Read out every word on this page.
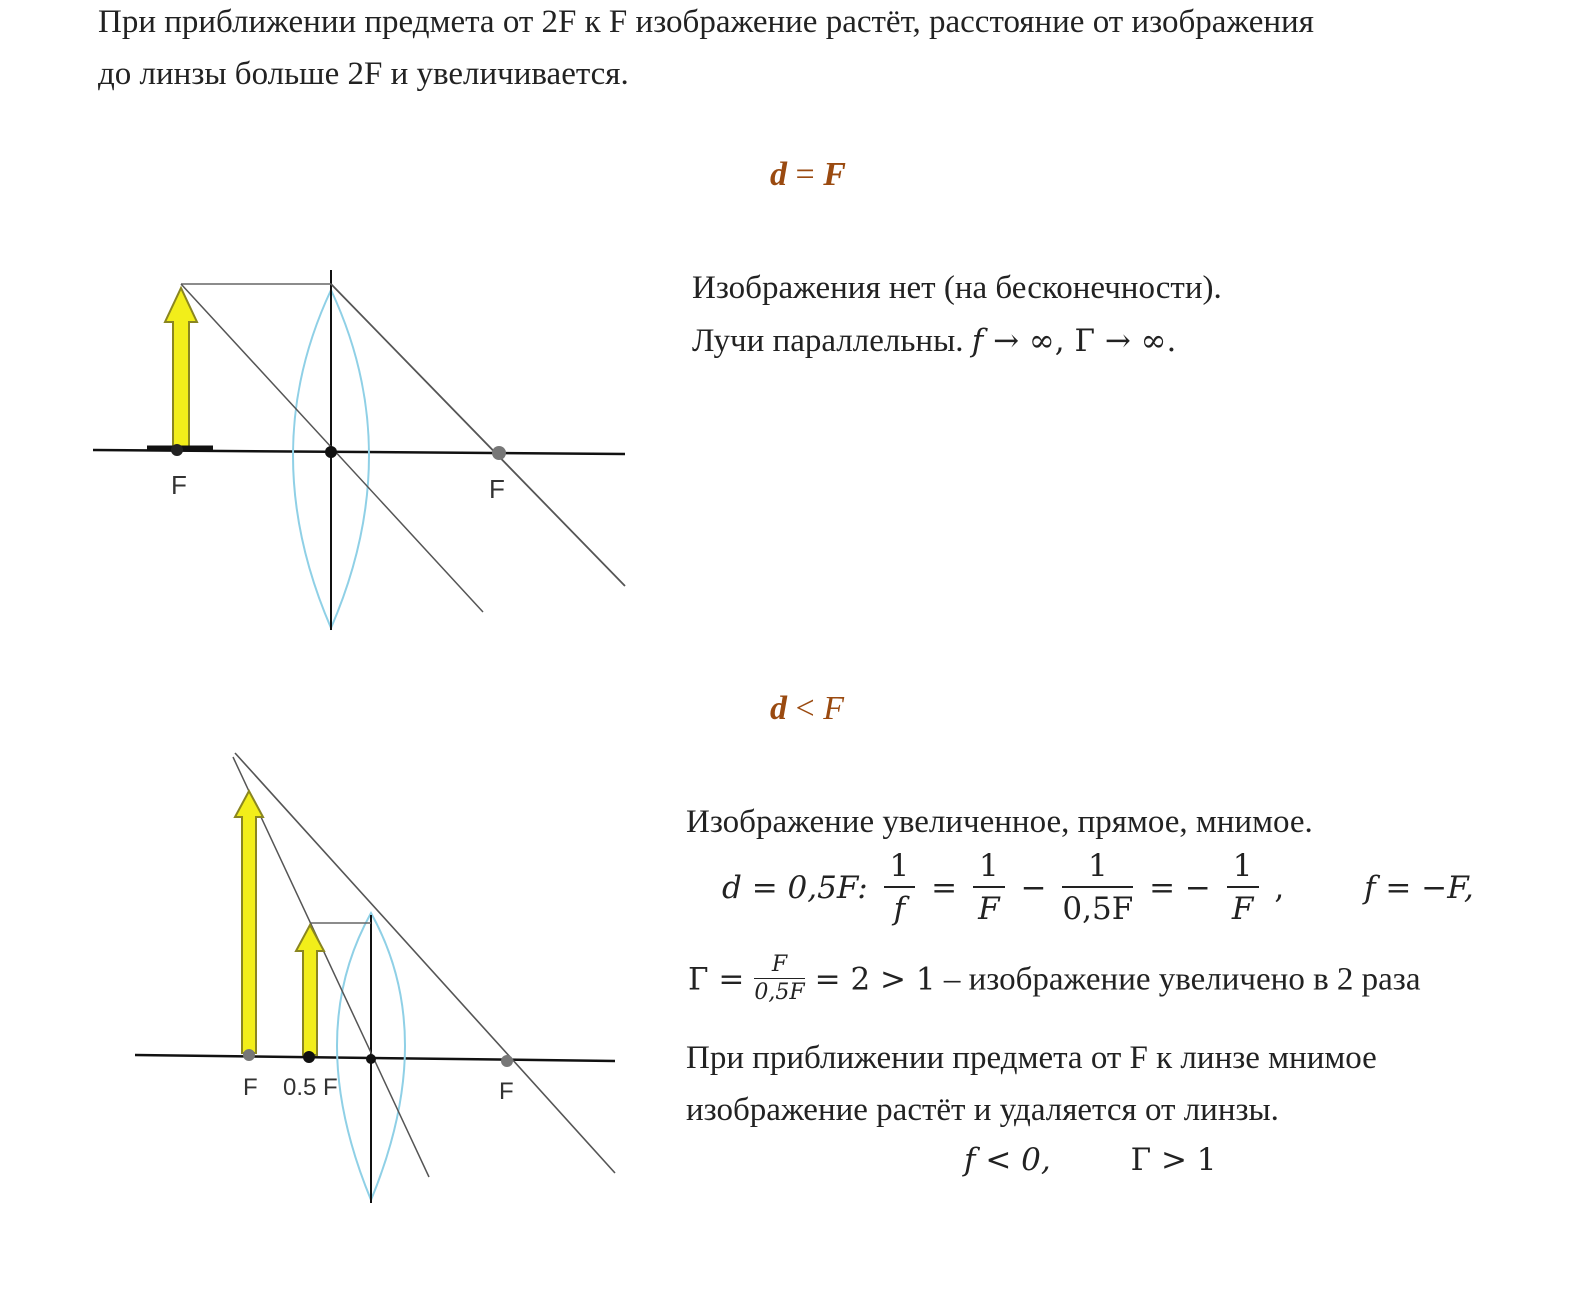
При приближении предмета от 2F к F изображение растёт, расстояние от изображения
до линзы больше 2F и увеличивается.
d = F
F	F
Изображения нет (на бесконечности).
Лучи параллельны. f → ∞, Г → ∞.
d < F
F 0.5 F	F
Изображение увеличенное, прямое, мнимое.
d = 0,5F: $\frac{1}{f} = \frac{1}{F} - \frac{1}{0,5F}$ = − $\frac{1}{F}$ ,	f = −F,
$Г = \frac{F}{0,5F} = 2 > 1$ – изображение увеличено в 2 раза
При приближении предмета от F к линзе мнимое
изображение растёт и удаляется от линзы.
f < 0,	Г > 1
